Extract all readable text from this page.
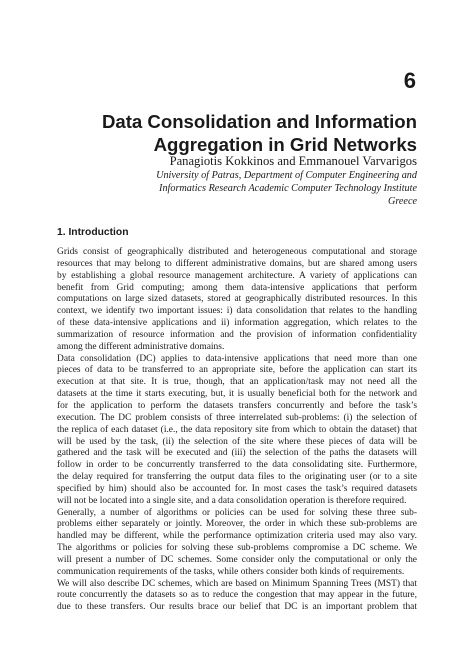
6
Data Consolidation and Information
Aggregation in Grid Networks
Panagiotis Kokkinos and Emmanouel Varvarigos
University of Patras, Department of Computer Engineering and
Informatics Research Academic Computer Technology Institute
Greece
1. Introduction
Grids consist of geographically distributed and heterogeneous computational and storage
resources that may belong to different administrative domains, but are shared among users
by establishing a global resource management architecture. A variety of applications can
benefit from Grid computing; among them data-intensive applications that perform
computations on large sized datasets, stored at geographically distributed resources. In this
context, we identify two important issues: i) data consolidation that relates to the handling
of these data-intensive applications and ii) information aggregation, which relates to the
summarization of resource information and the provision of information confidentiality
among the different administrative domains.
Data consolidation (DC) applies to data-intensive applications that need more than one
pieces of data to be transferred to an appropriate site, before the application can start its
execution at that site. It is true, though, that an application/task may not need all the
datasets at the time it starts executing, but, it is usually beneficial both for the network and
for the application to perform the datasets transfers concurrently and before the task’s
execution. The DC problem consists of three interrelated sub-problems: (i) the selection of
the replica of each dataset (i.e., the data repository site from which to obtain the dataset) that
will be used by the task, (ii) the selection of the site where these pieces of data will be
gathered and the task will be executed and (iii) the selection of the paths the datasets will
follow in order to be concurrently transferred to the data consolidating site. Furthermore,
the delay required for transferring the output data files to the originating user (or to a site
specified by him) should also be accounted for. In most cases the task’s required datasets
will not be located into a single site, and a data consolidation operation is therefore required.
Generally, a number of algorithms or policies can be used for solving these three sub-
problems either separately or jointly. Moreover, the order in which these sub-problems are
handled may be different, while the performance optimization criteria used may also vary.
The algorithms or policies for solving these sub-problems compromise a DC scheme. We
will present a number of DC schemes. Some consider only the computational or only the
communication requirements of the tasks, while others consider both kinds of requirements.
We will also describe DC schemes, which are based on Minimum Spanning Trees (MST) that
route concurrently the datasets so as to reduce the congestion that may appear in the future,
due to these transfers. Our results brace our belief that DC is an important problem that
